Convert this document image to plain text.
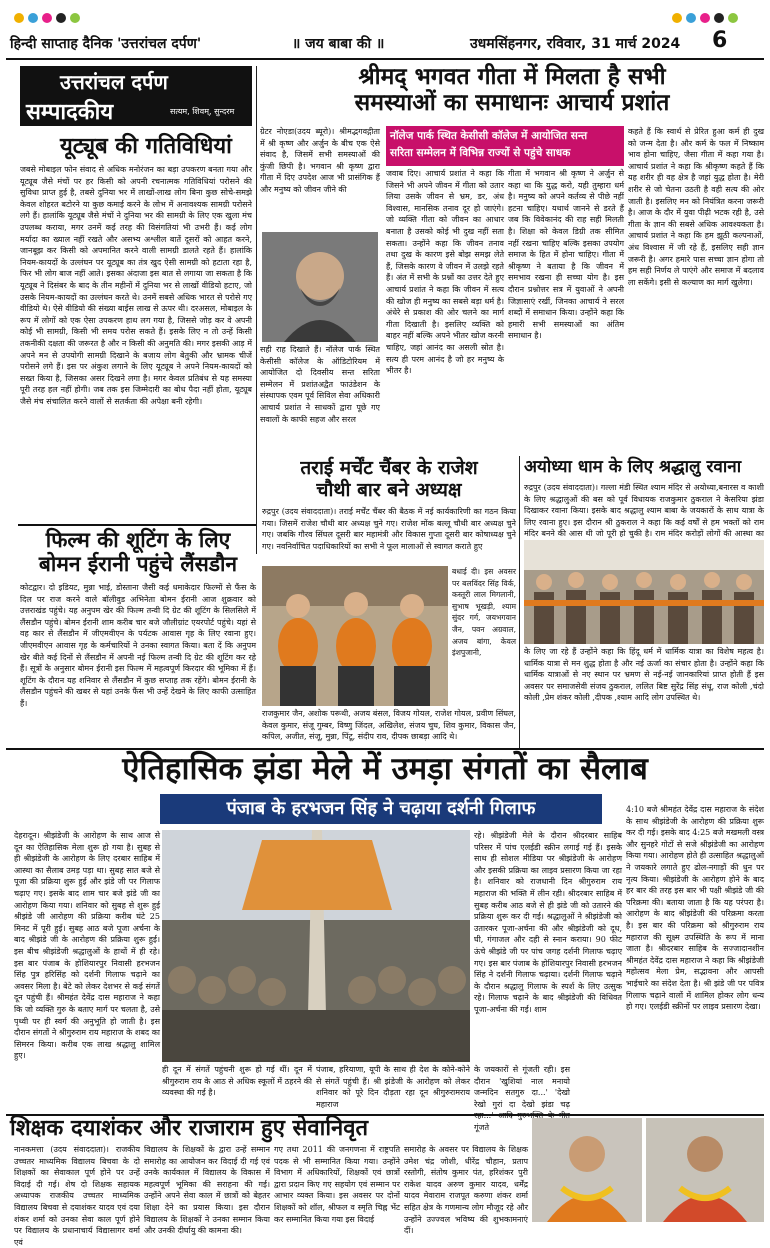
हिन्दी साप्ताह दैनिक 'उत्तरांचल दर्पण'	॥ जय बाबा की ॥	उधमसिंहनगर, रविवार, 31 मार्च 2024 6
उत्तरांचल दर्पण
सम्पादकीय	सत्यम, शिवम्, सुन्दरम
यूट्यूब की गतिविधियां

जबसे मोबाइल फोन संवाद से अधिक मनोरंजन का बड़ा उपकरण बनता गया और यूट्यूब जैसे मंचों पर हर किसी को अपनी रचनात्मक गतिविधियां परोसने की सुविधा प्राप्त हुई है, तबसे दुनिया भर में लाखों-लाख लोग बिना कुछ सोचे-समझे केवल शोहरत बटोरने या कुछ कमाई करने के लोभ में अनावश्यक सामग्री परोसने लगे हैं। हालांकि यूट्यूब जैसे मंचों ने दुनिया भर की सामग्री के लिए एक खुला मंच उपलब्ध कराया, मगर उनमें कई तरह की विसंगतियां भी उभरी हैं। कई लोग मर्यादा का ख्याल नहीं रखते और असभ्य अश्लील बातें दूसरों को आहत करने, जानबूझ कर किसी को अपमानित करने वाली सामग्री डालते रहते हैं। हालांकि नियम-कायदों के उल्लंघन पर यूट्यूब का तंत्र खुद ऐसी सामग्री को हटाता रहा है, फिर भी लोग बाज नहीं आते। इसका अंदाजा इस बात से लगाया जा सकता है कि यूट्यूब ने दिसंबर के बाद के तीन महीनों में दुनिया भर से लाखों वीडियो हटाए, जो उसके नियम-कायदों का उल्लंघन करते थे। उनमें सबसे अधिक भारत से परोसे गए वीडियो थे। ऐसे वीडियो की संख्या बाईस लाख से ऊपर थी। दरअसल, मोबाइल के रूप में लोगों को एक ऐसा उपकरण हाथ लग गया है, जिससे जोड़ कर वे अपनी कोई भी सामग्री, किसी भी समय परोस सकते हैं। इसके लिए न तो उन्हें किसी तकनीकी दक्षता की जरूरत है और न किसी की अनुमति की। मगर इसकी आड़ में अपने मन से उपयोगी सामग्री दिखाने के बजाय लोग बेतुकी और भ्रामक चीजें परोसने लगे हैं। इस पर अंकुश लगाने के लिए यूट्यूब ने अपने नियम-कायदों को सख्त किया है, जिसका असर दिखने लगा है। मगर केवल प्रतिबंध से यह समस्या पूरी तरह हल नहीं होगी। जब तक इस जिम्मेदारी का बोध पैदा नहीं होता, यूट्यूब जैसे मंच संचालित करने वालों से सतर्कता की अपेक्षा बनी रहेगी।

फिल्म की शूटिंग के लिए
बोमन ईरानी पहुंचे लैंसडौन

कोटद्वार। दो इडियट, मुन्ना भाई, डोस्ताना जैसी कई धमाकेदार फिल्मों से फैंस के दिल पर राज करने वाले बॉलीवुड अभिनेता बोमन ईरानी आज शुक्रवार को उत्तराखंड पहुंचे। यह अनुपम खेर की फिल्म तन्वी दि ग्रेट की शूटिंग के सिलसिले में लैंसडौन पहुंचे। बोमन ईरानी शाम करीब चार बजे जौलीग्रांट एयरपोर्ट पहुंचे। यहां से वह कार से लैंसडौन में जीएमवीएन के पर्यटक आवास गृह के लिए रवाना हुए। जीएमवीएन आवास गृह के कर्मचारियों ने उनका स्वागत किया। बता दें कि अनुपम खेर बीते कई दिनों से लैंसडौन में अपनी नई फिल्म तन्वी दि ग्रेट की शूटिंग कर रहे हैं। सूत्रों के अनुसार बोमन ईरानी इस फिल्म में महत्वपूर्ण किरदार की भूमिका में हैं। शूटिंग के दौरान यह शनिवार से लैंसडौन में कुछ सप्ताह तक रहेंगे। बोमन ईरानी के लैंसडौन पहुंचने की खबर से यहां उनके फैंस भी उन्हें देखने के लिए काफी उत्साहित हैं।

श्रीमद् भगवत गीता में मिलता है सभी
समस्याओं का समाधानः आचार्य प्रशांत

ग्रेटर नोएडा(उदय ब्यूरो)। श्रीमद्भगवद्गीता में श्री कृष्ण और अर्जुन के बीच एक ऐसे संवाद है, जिसमें सभी समस्याओं की कुंजी छिपी है। भगवान श्री कृष्ण द्वारा गीता में दिए उपदेश आज भी प्रासंगिक हैं और मनुष्य को जीवन जीने की

सही राह दिखाते हैं। नॉलेज पार्क स्थित केसीसी कॉलेज के ऑडिटोरियम में आयोजित दो दिवसीय सन्त सरिता सम्मेलन में प्रशांतअद्वैत फाउंडेशन के संस्थापक एवम पूर्व सिविल सेवा अधिकारी आचार्य प्रशांत ने साधकों द्वारा पूछे गए सवालों के काफी सहज और सरल

नॉलेज पार्क स्थित केसीसी कॉलेज में आयोजित सन्त
सरिता सम्मेलन में विभिन्न राज्यों से पहुंचे साधक

जवाब दिए। आचार्य प्रशांत ने कहा कि जिसने भी अपने जीवन में गीता को उतार लिया उसके जीवन से भ्रम, डर, अंध विश्वास, मानसिक तनाव दूर हो जाएंगे। जो व्यक्ति गीता को जीवन का आधार बनाता है उसको कोई भी दुख नहीं सता सकता। उन्होंने कहा कि जीवन तनाव तथा दुख के कारण इसे बोझ समझ लेते हैं, जिसके कारण वे जीवन में उलझे रहते हैं। अंत में सभी के प्रश्नों का उत्तर देते हुए आचार्य प्रशांत ने कहा कि जीवन में सत्य की खोज ही मनुष्य का सबसे बड़ा धर्म है। अंधेरे से प्रकाश की ओर चलने का मार्ग गीता दिखाती है। इसलिए व्यक्ति को बाहर नहीं बल्कि अपने भीतर खोज करनी चाहिए, जहां आनंद का असली स्रोत है। सत्य ही परम आनंद है जो हर मनुष्य के भीतर है।

गीता में भगवान श्री कृष्ण ने अर्जुन से कहा था कि युद्ध करो, यही तुम्हारा धर्म है। मनुष्य को अपने कर्तव्य से पीछे नहीं हटना चाहिए। यथार्थ जानने से डरते हैं जब कि विवेकानंद की राह सही मिलती है। शिक्षा को केवल डिग्री तक सीमित नहीं रखना चाहिए बल्कि इसका उपयोग समाज के हित में होना चाहिए। गीता में श्रीकृष्ण ने बताया है कि जीवन में समभाव रखना ही सच्चा योग है। इस दौरान प्रश्नोत्तर सत्र में युवाओं ने अपनी जिज्ञासाएं रखीं, जिनका आचार्य ने सरल शब्दों में समाधान किया। उन्होंने कहा कि हमारी सभी समस्याओं का अंतिम समाधान है।

कहते हैं कि स्वार्थ से प्रेरित हुआ कर्म ही दुख को जन्म देता है। और कर्म के फल में निष्काम भाव होना चाहिए, जैसा गीता में कहा गया है। आचार्य प्रशांत ने कहा कि श्रीकृष्ण कहते हैं कि यह शरीर ही वह क्षेत्र है जहां युद्ध होता है। मेरी शरीर से जो चेतना उठती है वही सत्य की ओर जाती है। इसलिए मन को नियंत्रित करना जरूरी है। आज के दौर में युवा पीढ़ी भटक रही है, उसे गीता के ज्ञान की सबसे अधिक आवश्यकता है। आचार्य प्रशांत ने कहा कि हम झूठी कल्पनाओं, अंध विश्वास में जी रहे हैं, इसलिए सही ज्ञान जरूरी है। अगर हमारे पास सच्चा ज्ञान होगा तो हम सही निर्णय ले पाएंगे और समाज में बदलाव ला सकेंगे। इसी से कल्याण का मार्ग खुलेगा।

तराई मर्चेंट चैंबर के राजेश
चौथी बार बने अध्यक्ष

रुद्रपुर (उदय संवाददाता)। तराई मर्चेंट चैंबर की बैठक में नई कार्यकारिणी का गठन किया गया। जिसमें राजेश चौथी बार अध्यक्ष चुने गए। राजेश मोंक बल्लू चौथी बार अध्यक्ष चुने गए। जबकि गौरव सिंघल दूसरी बार महामंत्री और विकास गुप्ता दूसरी बार कोषाध्यक्ष चुने गए। नवनिर्वाचित पदाधिकारियों का सभी ने फूल मालाओं से स्वागत कराते हुए

बधाई दी। इस अवसर पर बलविंदर सिंह विर्क, कस्तूरी लाल मिगलानी, सुभाष भूखड़ी, श्याम सुंदर गर्ग, जयभगवान जैन, पवन अग्रवाल, अजय बांगा, केवल इंशपुजानी,

राजकुमार जैन, अशोक परूथी, अजय बंसल, विजय गोयल, राजेश गोयल, प्रवीण सिंघल, केवल कुमार, संजू गुम्बर, विष्णु जिंदल, अखिलेश, संजय चुघ, शिव कुमार, विकास जैन, कपिल, अजीत, संजू, मुन्ना, पिंटू, संदीप राव, दीपक छाबड़ा आदि थे।

अयोध्या धाम के लिए श्रद्धालु रवाना

रुद्रपुर (उदय संवाददाता)। गल्ला मंडी स्थित श्याम मंदिर से अयोध्या,बनारस व काशी के लिए श्रद्धालुओं की बस को पूर्व विधायक राजकुमार ठुकराल ने केसरिया झंडा दिखाकर रवाना किया। इसके बाद श्रद्धालु श्याम बाबा के जयकारों के साथ यात्रा के लिए रवाना हुए। इस दौरान श्री ठुकराल ने कहा कि कई वर्षों से हम भक्तों को राम मंदिर बनने की आस थी जो पूरी हो चुकी है। राम मंदिर करोड़ों लोगों की आस्था का

के लिए जा रहे हैं उन्होंने कहा कि हिंदू धर्म में धार्मिक यात्रा का विशेष महत्व है। धार्मिक यात्रा से मन शुद्ध होता है और नई ऊर्जा का संचार होता है। उन्होंने कहा कि धार्मिक यात्राओं से नए स्थान पर भ्रमण से नई-नई जानकारियां प्राप्त होती हैं इस अवसर पर समाजसेवी संजय ठुकराल, ललित बिष्ट सुरेंद्र सिंह संधू, राज कोली ,चंदो कोली ,प्रेम शंकर कोली ,दीपक ,श्याम आदि लोग उपस्थित थे।

ऐतिहासिक झंडा मेले में उमड़ा संगतों का सैलाब
पंजाब के हरभजन सिंह ने चढ़ाया दर्शनी गिलाफ

देहरादून। श्रीझंडेजी के आरोहण के साथ आज से दून का ऐतिहासिक मेला शुरू हो गया है। सुबह से ही श्रीझंडेजी के आरोहण के लिए दरबार साहिब में आस्था का सैलाब उमड़ पड़ा था। सुबह सात बजे से पूजा की प्रक्रिया शुरू हुई और झंडे जी पर गिलाफ चढ़ाए गए। इसके बाद शाम चार बजे झंडे जी का आरोहण किया गया। शनिवार को सुबह से शुरू हुई श्रीझंडे जी आरोहण की प्रक्रिया करीब घंटे 25 मिनट में पूरी हुई। सुबह आठ बजे पूजा अर्चना के बाद श्रीझंडे जी के आरोहण की प्रक्रिया शुरू हुई। इस बीच श्रीझंडेजी श्रद्धालुओं के हाथों में ही रहे। इस बार पंजाब के होशियारपुर निवासी हरभजन सिंह पुत्र हरिसिंह को दर्शनी गिलाफ चढ़ाने का अवसर मिला है। बेटे को लेकर देशभर से कई संगतें दून पहुंची हैं। श्रीमहंत देवेंद्र दास महाराज ने कहा कि जो व्यक्ति गुरु के बताए मार्ग पर चलता है, उसे पृथ्वी पर ही स्वर्ग की अनुभूति हो जाती है। इस दौरान संगतों ने श्रीगुरुराम राय महाराज के शबद का सिमरन किया। करीब एक लाख श्रद्धालु शामिल हुए।

ही दून में संगतें पहुंचनी शुरू हो गई थीं। दून में श्रीगुरुराम राय के आठ से अधिक स्कूलों में ठहरने की व्यवस्था की गई है।

पंजाब, हरियाणा, यूपी के साथ ही देश के कोने-कोने से संगतें पहुंची हैं। श्री झंडेजी के आरोहण को लेकर शनिवार को पूरे दिन दौड़ता रहा दून श्रीगुरुरामराय महाराज

के जयकारों से गूंजती रही। इस दौरान 'खुशियां नाल मनायो जन्मदिन सतगुरु दा...' 'देखो रेखो गुरां दा देखो झंडा चढ़ गूंजते

रहे। श्रीझंडेजी मेले के दौरान श्रीदरबार साहिब परिसर में पांच एलईडी स्क्रीन लगाई गई हैं। इसके साथ ही सोशल मीडिया पर श्रीझंडेजी के आरोहण और इसकी प्रक्रिया का लाइव प्रसारण किया जा रहा है। शनिवार को राजधानी दिन श्रीगुरुराम राय महाराज की भक्ति में लीन रही। श्रीदरबार साहिब में सुबह करीब आठ बजे से ही झंडे जी को उतारने की प्रक्रिया शुरू कर दी गई। श्रद्धालुओं ने श्रीझंडेजी को उतारकर पूजा-अर्चना की और श्रीझंडेजी को दूध, घी, गंगाजल और दही से स्नान कराया। 90 फीट ऊंचे श्रीझंडे जी पर पांच जगह दर्शनी गिलाफ चढ़ाए गए। इस बार पंजाब के होशियारपुर निवासी हरभजन सिंह ने दर्शनी गिलाफ चढ़ाया। दर्शनी गिलाफ चढ़ाने के दौरान श्रद्धालु गिलाफ के स्पर्श के लिए उत्सुक रहे। गिलाफ चढ़ाने के बाद श्रीझंडेजी की विधिवत पूजा-अर्चना की गई। शाम

4:10 बजे श्रीमहंत देवेंद्र दास महाराज के संदेश के साथ श्रीझंडेजी के आरोहण की प्रक्रिया शुरू कर दी गई। इसके बाद 4:25 बजे मखमली वस्त्र और सुनहरे गोटों से सजे श्रीझंडेजी का आरोहण किया गया। आरोहण होते ही उत्साहित श्रद्धालुओं ने जयकारे लगाते हुए ढोल-नगाड़ों की धुन पर नृत्य किया। श्रीझंडेजी के आरोहण होने के बाद हर बार की तरह इस बार भी पक्षी श्रीझंडे जी की परिक्रमा की। बताया जाता है कि यह परंपरा है। आरोहण के बाद श्रीझंडेजी की परिक्रमा करता है। इस बार की परिक्रमा को श्रीगुरुराम राय महाराज की सूक्ष्म उपस्थिति के रूप में माना जाता है। श्रीदरबार साहिब के सज्जादानशीन श्रीमहंत देवेंद्र दास महाराज ने कहा कि श्रीझंडेजी महोत्सव मेला प्रेम, सद्भावना और आपसी भाईचारे का संदेश देता है। श्री झंडे जी पर पवित्र गिलाफ चढ़ाने वालों में शामिल होकर लोग धन्य हो गए। एलईडी स्क्रीनों पर लाइव प्रसारण देखा।

शिक्षक दयाशंकर और राजाराम हुए सेवानिवृत

नानकमत्ता (उदय संवाददाता)। राजकीय उच्चतर माध्यमिक विद्यालय बिचवा के दो शिक्षकों का सेवाकाल पूर्ण होने पर उन्हें विदाई दी गई। शेष दो शिक्षक सहायक अध्यापक राजकीय उच्चतर माध्यमिक विद्यालय बिचवा से दयाशंकर यादव एवं दया शंकर शर्मा को उनका सेवा काल पूर्ण होने पर विद्यालय के प्रधानाचार्य विद्यासागर वर्मा एवं

विद्यालय के शिक्षकों के द्वारा उन्हें सम्मान समारोह का आयोजन कर विदाई दी गई एवं उनके कार्यकाल में विद्यालय के विकास में महत्वपूर्ण भूमिका की सराहना की गई। उन्होंने अपने सेवा काल में छात्रों को बेहतर शिक्षा देने का प्रयास किया। इस दौरान विद्यालय के शिक्षकों ने उनका सम्मान किया और उनकी दीर्घायु की कामना की।

गए तथा 2011 की जनगणना में राष्ट्रपति पदक से भी सम्मानित किया गया। उन्होंने विभाग में अधिकारियों, शिक्षकों एवं छात्रों द्वारा प्रदान किए गए सहयोग एवं सम्मान पर आभार व्यक्त किया। इस अवसर पर दोनों शिक्षकों को शॉल, श्रीफल व स्मृति चिह्न भेंट कर सम्मानित किया गया इस विदाई

समारोह के अवसर पर विद्यालय के शिक्षक उमेश चंद्र जोशी, धीरेंद्र चौहान, प्रताप रस्तोगी, संतोष कुमार पंत, हरिशंकर पुरी राकेश यादव अरुण कुमार यादव, धर्मेंद्र यादव मेवाराम राजपूत करुणा शंकर शर्मा सहित क्षेत्र के गणमान्य लोग मौजूद रहे और उन्होंने उज्ज्वल भविष्य की शुभकामनाएं दीं।
